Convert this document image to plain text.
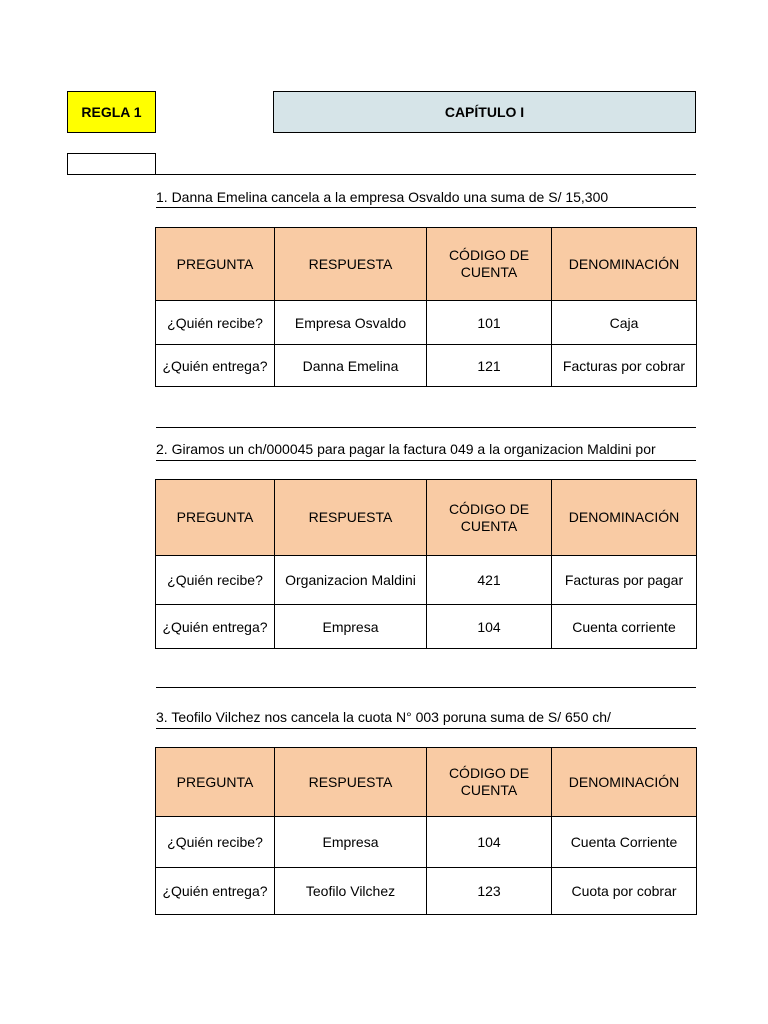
REGLA 1	CAPÍTULO I
1. Danna Emelina cancela a la empresa Osvaldo una suma de S/ 15,300
PREGUNTA	RESPUESTA	CÓDIGO DE CUENTA	DENOMINACIÓN
¿Quién recibe?	Empresa Osvaldo	101	Caja
¿Quién entrega?	Danna Emelina	121	Facturas por cobrar
2. Giramos un ch/000045 para pagar la factura 049 a la organizacion Maldini por
PREGUNTA	RESPUESTA	CÓDIGO DE CUENTA	DENOMINACIÓN
¿Quién recibe?	Organizacion Maldini	421	Facturas por pagar
¿Quién entrega?	Empresa	104	Cuenta corriente
3. Teofilo Vilchez nos cancela la cuota N° 003 poruna suma de S/ 650 ch/
PREGUNTA	RESPUESTA	CÓDIGO DE CUENTA	DENOMINACIÓN
¿Quién recibe?	Empresa	104	Cuenta Corriente
¿Quién entrega?	Teofilo Vilchez	123	Cuota por cobrar
